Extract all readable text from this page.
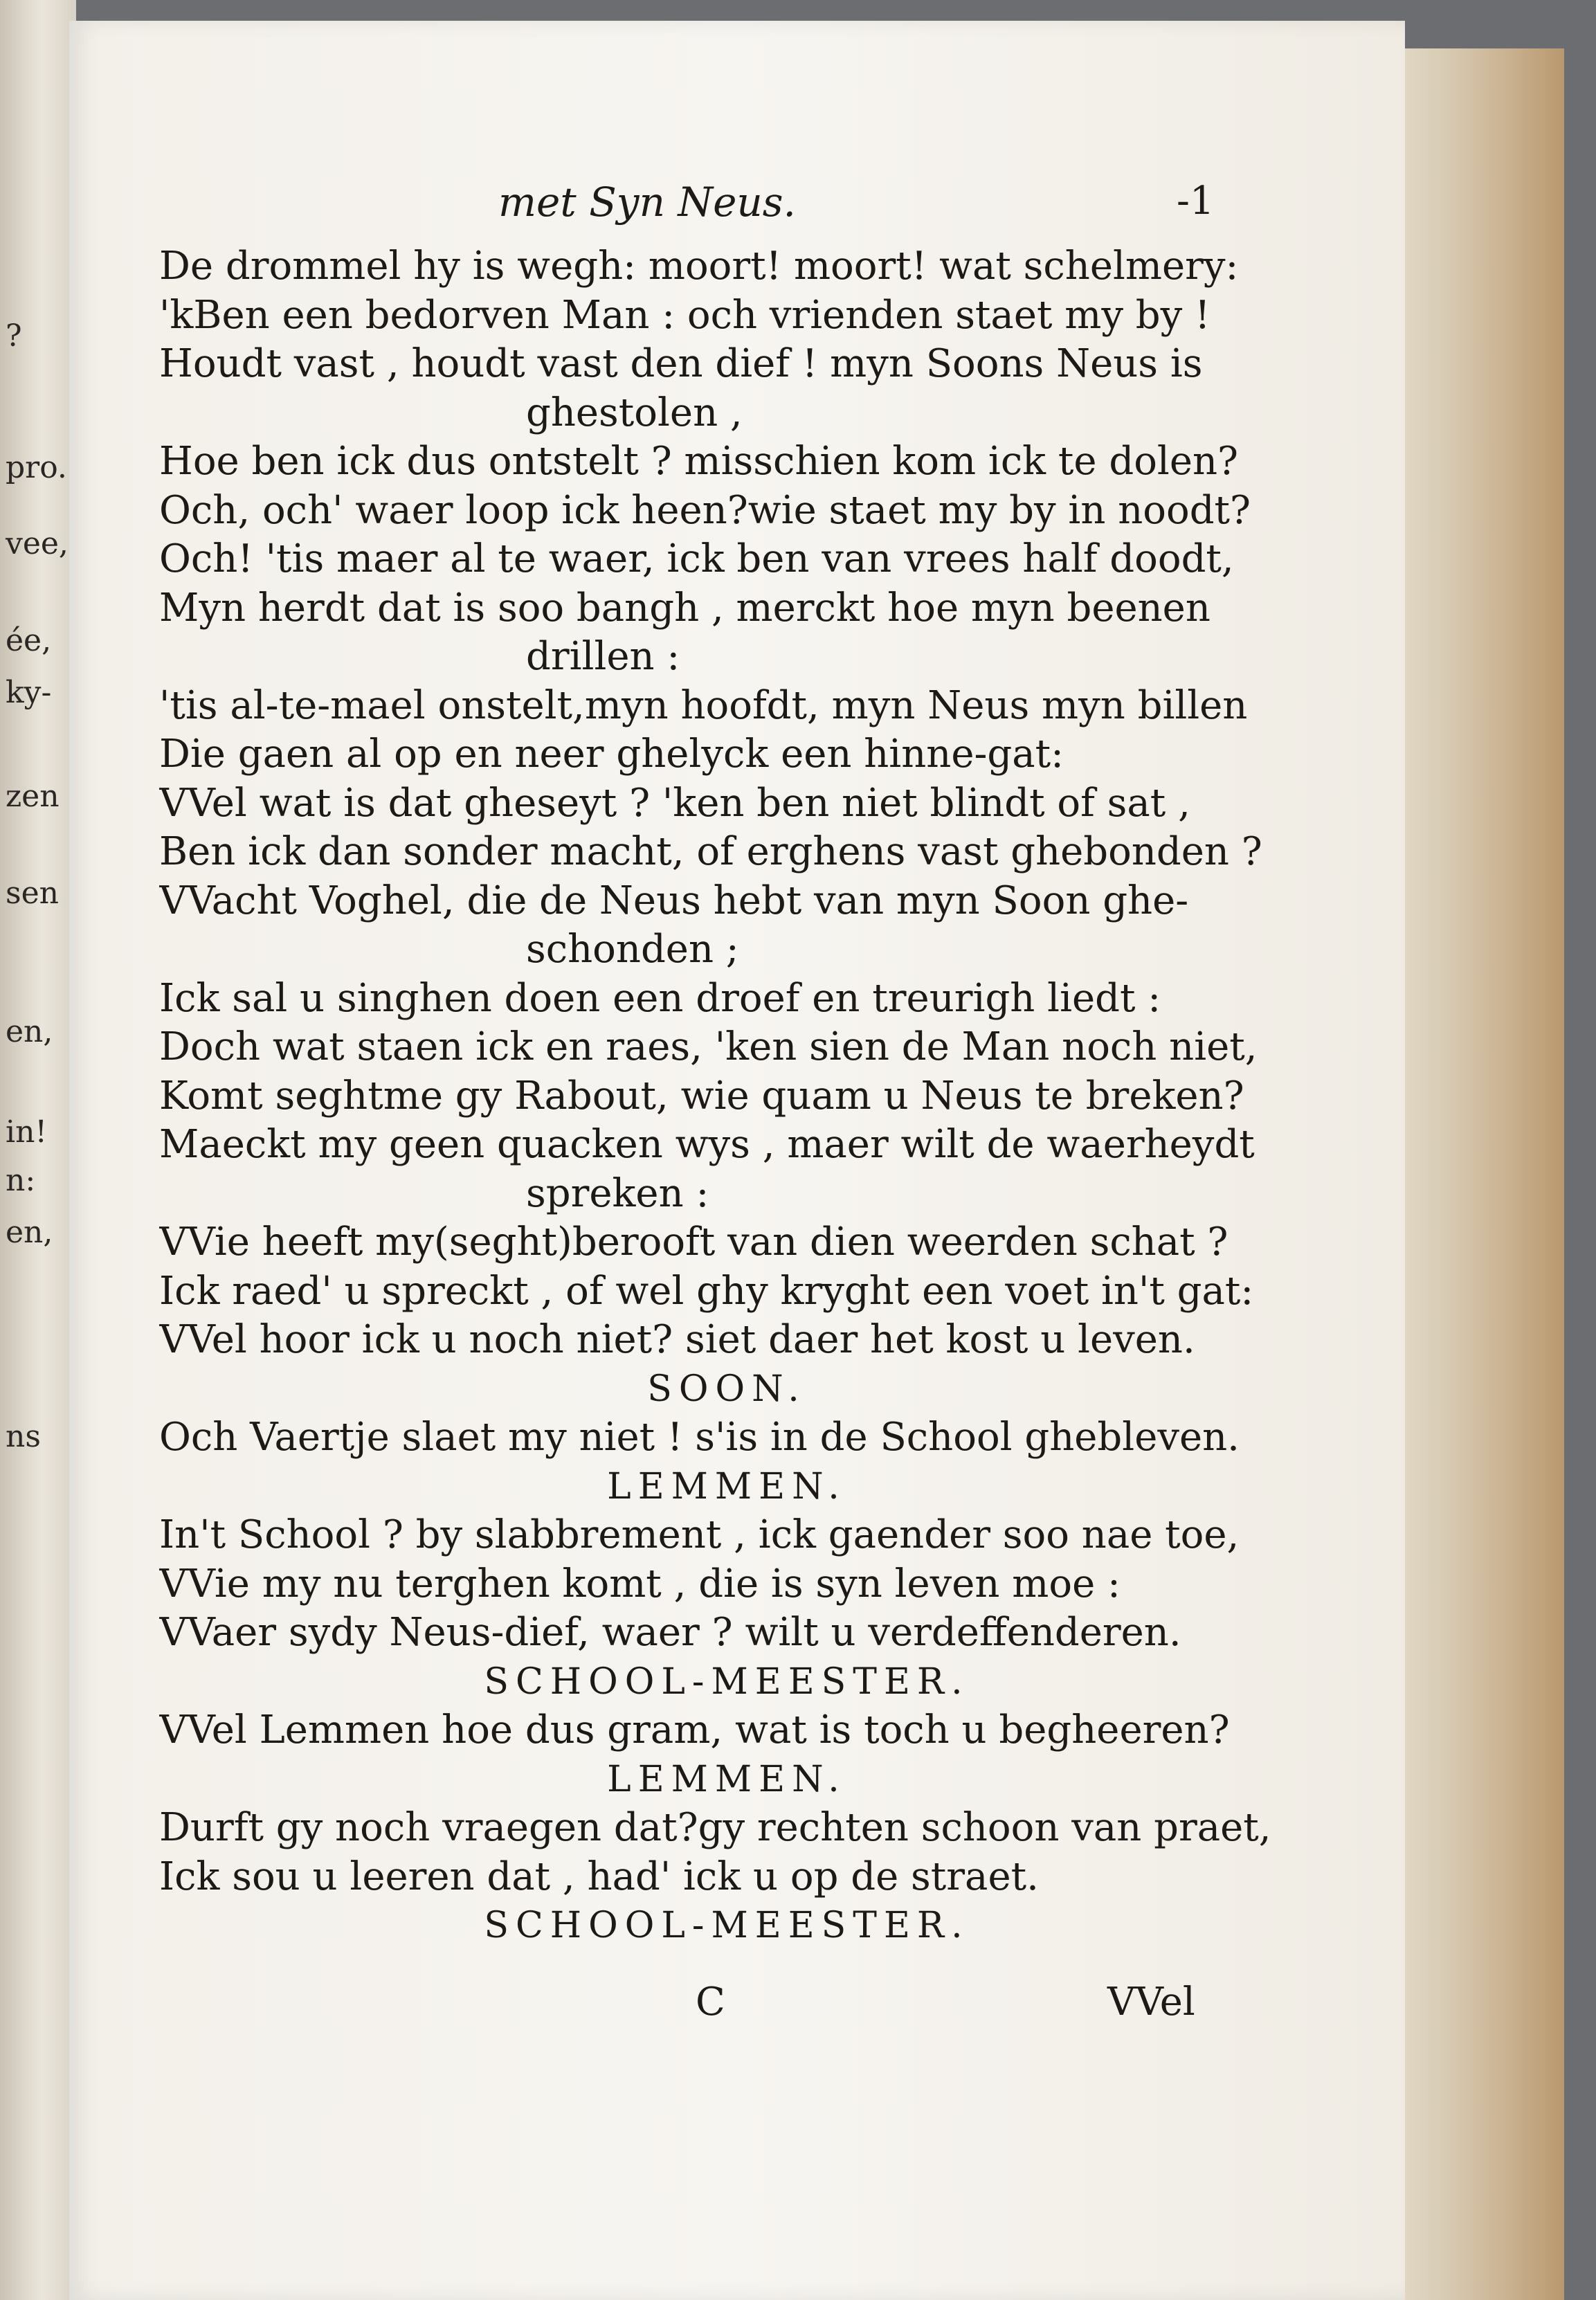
?
pro.
vee,
ée,
ky-
zen
sen
en,
in!
n:
en,
ns
met Syn Neus.	-1
De drommel hy is wegh: moort! moort! wat schelmery:
'kBen een bedorven Man : och vrienden staet my by !
Houdt vast , houdt vast den dief ! myn Soons Neus is
ghestolen ,
Hoe ben ick dus ontstelt ? misschien kom ick te dolen?
Och, och' waer loop ick heen?wie staet my by in noodt?
Och! 'tis maer al te waer, ick ben van vrees half doodt,
Myn herdt dat is soo bangh , merckt hoe myn beenen
drillen :
'tis al-te-mael onstelt,myn hoofdt, myn Neus myn billen
Die gaen al op en neer ghelyck een hinne-gat:
VVel wat is dat gheseyt ? 'ken ben niet blindt of sat ,
Ben ick dan sonder macht, of erghens vast ghebonden ?
VVacht Voghel, die de Neus hebt van myn Soon ghe-
schonden ;
Ick sal u singhen doen een droef en treurigh liedt :
Doch wat staen ick en raes, 'ken sien de Man noch niet,
Komt seghtme gy Rabout, wie quam u Neus te breken?
Maeckt my geen quacken wys , maer wilt de waerheydt
spreken :
VVie heeft my(seght)berooft van dien weerden schat ?
Ick raed' u spreckt , of wel ghy kryght een voet in't gat:
VVel hoor ick u noch niet? siet daer het kost u leven.
SOON.
Och Vaertje slaet my niet ! s'is in de School ghebleven.
LEMMEN.
In't School ? by slabbrement , ick gaender soo nae toe,
VVie my nu terghen komt , die is syn leven moe :
VVaer sydy Neus-dief, waer ? wilt u verdeffenderen.
SCHOOL-MEESTER.
VVel Lemmen hoe dus gram, wat is toch u begheeren?
LEMMEN.
Durft gy noch vraegen dat?gy rechten schoon van praet,
Ick sou u leeren dat , had' ick u op de straet.
SCHOOL-MEESTER.
C	VVel
